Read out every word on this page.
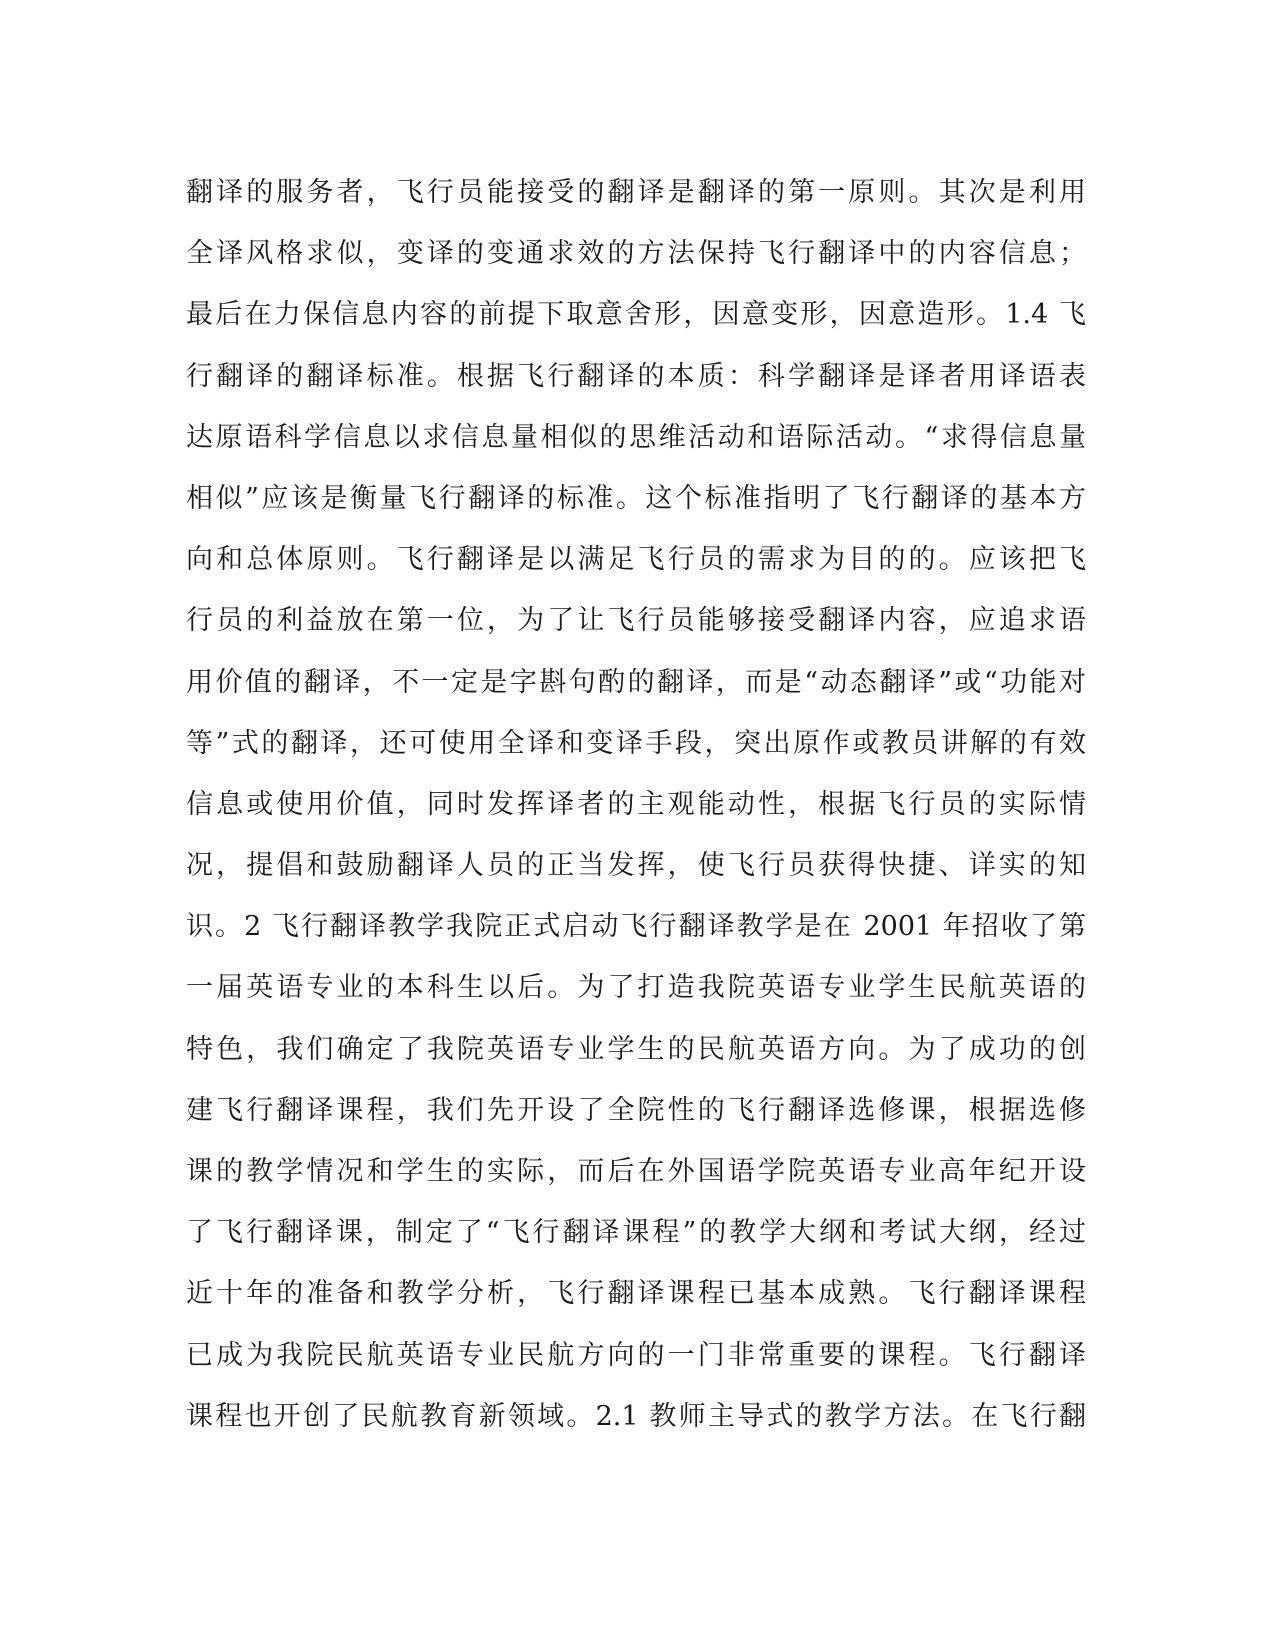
翻译的服务者，飞行员能接受的翻译是翻译的第一原则。其次是利用
全译风格求似，变译的变通求效的方法保持飞行翻译中的内容信息；
最后在力保信息内容的前提下取意舍形，因意变形，因意造形。1.4 飞
行翻译的翻译标准。根据飞行翻译的本质：科学翻译是译者用译语表
达原语科学信息以求信息量相似的思维活动和语际活动。“求得信息量
相似”应该是衡量飞行翻译的标准。这个标准指明了飞行翻译的基本方
向和总体原则。飞行翻译是以满足飞行员的需求为目的的。应该把飞
行员的利益放在第一位，为了让飞行员能够接受翻译内容，应追求语
用价值的翻译，不一定是字斟句酌的翻译，而是“动态翻译”或“功能对
等”式的翻译，还可使用全译和变译手段，突出原作或教员讲解的有效
信息或使用价值，同时发挥译者的主观能动性，根据飞行员的实际情
况，提倡和鼓励翻译人员的正当发挥，使飞行员获得快捷、详实的知
识。2 飞行翻译教学我院正式启动飞行翻译教学是在 2001 年招收了第
一届英语专业的本科生以后。为了打造我院英语专业学生民航英语的
特色，我们确定了我院英语专业学生的民航英语方向。为了成功的创
建飞行翻译课程，我们先开设了全院性的飞行翻译选修课，根据选修
课的教学情况和学生的实际，而后在外国语学院英语专业高年纪开设
了飞行翻译课，制定了“飞行翻译课程”的教学大纲和考试大纲，经过
近十年的准备和教学分析，飞行翻译课程已基本成熟。飞行翻译课程
已成为我院民航英语专业民航方向的一门非常重要的课程。飞行翻译
课程也开创了民航教育新领域。2.1 教师主导式的教学方法。在飞行翻
